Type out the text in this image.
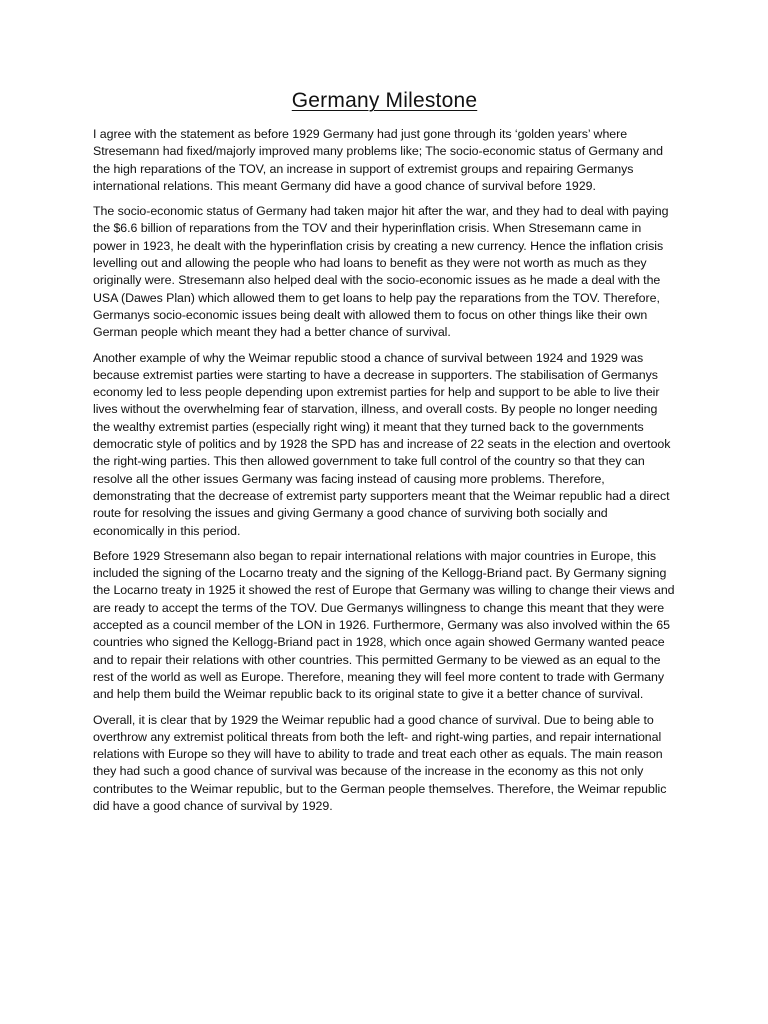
Germany Milestone

I agree with the statement as before 1929 Germany had just gone through its ‘golden years’ where Stresemann had fixed/majorly improved many problems like; The socio-economic status of Germany and the high reparations of the TOV, an increase in support of extremist groups and repairing Germanys international relations. This meant Germany did have a good chance of survival before 1929.

The socio-economic status of Germany had taken major hit after the war, and they had to deal with paying the $6.6 billion of reparations from the TOV and their hyperinflation crisis. When Stresemann came in power in 1923, he dealt with the hyperinflation crisis by creating a new currency. Hence the inflation crisis levelling out and allowing the people who had loans to benefit as they were not worth as much as they originally were. Stresemann also helped deal with the socio-economic issues as he made a deal with the USA (Dawes Plan) which allowed them to get loans to help pay the reparations from the TOV. Therefore, Germanys socio-economic issues being dealt with allowed them to focus on other things like their own German people which meant they had a better chance of survival.

Another example of why the Weimar republic stood a chance of survival between 1924 and 1929 was because extremist parties were starting to have a decrease in supporters. The stabilisation of Germanys economy led to less people depending upon extremist parties for help and support to be able to live their lives without the overwhelming fear of starvation, illness, and overall costs. By people no longer needing the wealthy extremist parties (especially right wing) it meant that they turned back to the governments democratic style of politics and by 1928 the SPD has and increase of 22 seats in the election and overtook the right-wing parties. This then allowed government to take full control of the country so that they can resolve all the other issues Germany was facing instead of causing more problems. Therefore, demonstrating that the decrease of extremist party supporters meant that the Weimar republic had a direct route for resolving the issues and giving Germany a good chance of surviving both socially and economically in this period.

Before 1929 Stresemann also began to repair international relations with major countries in Europe, this included the signing of the Locarno treaty and the signing of the Kellogg-Briand pact. By Germany signing the Locarno treaty in 1925 it showed the rest of Europe that Germany was willing to change their views and are ready to accept the terms of the TOV. Due Germanys willingness to change this meant that they were accepted as a council member of the LON in 1926. Furthermore, Germany was also involved within the 65 countries who signed the Kellogg-Briand pact in 1928, which once again showed Germany wanted peace and to repair their relations with other countries. This permitted Germany to be viewed as an equal to the rest of the world as well as Europe. Therefore, meaning they will feel more content to trade with Germany and help them build the Weimar republic back to its original state to give it a better chance of survival.

Overall, it is clear that by 1929 the Weimar republic had a good chance of survival. Due to being able to overthrow any extremist political threats from both the left- and right-wing parties, and repair international relations with Europe so they will have to ability to trade and treat each other as equals. The main reason they had such a good chance of survival was because of the increase in the economy as this not only contributes to the Weimar republic, but to the German people themselves. Therefore, the Weimar republic did have a good chance of survival by 1929.
